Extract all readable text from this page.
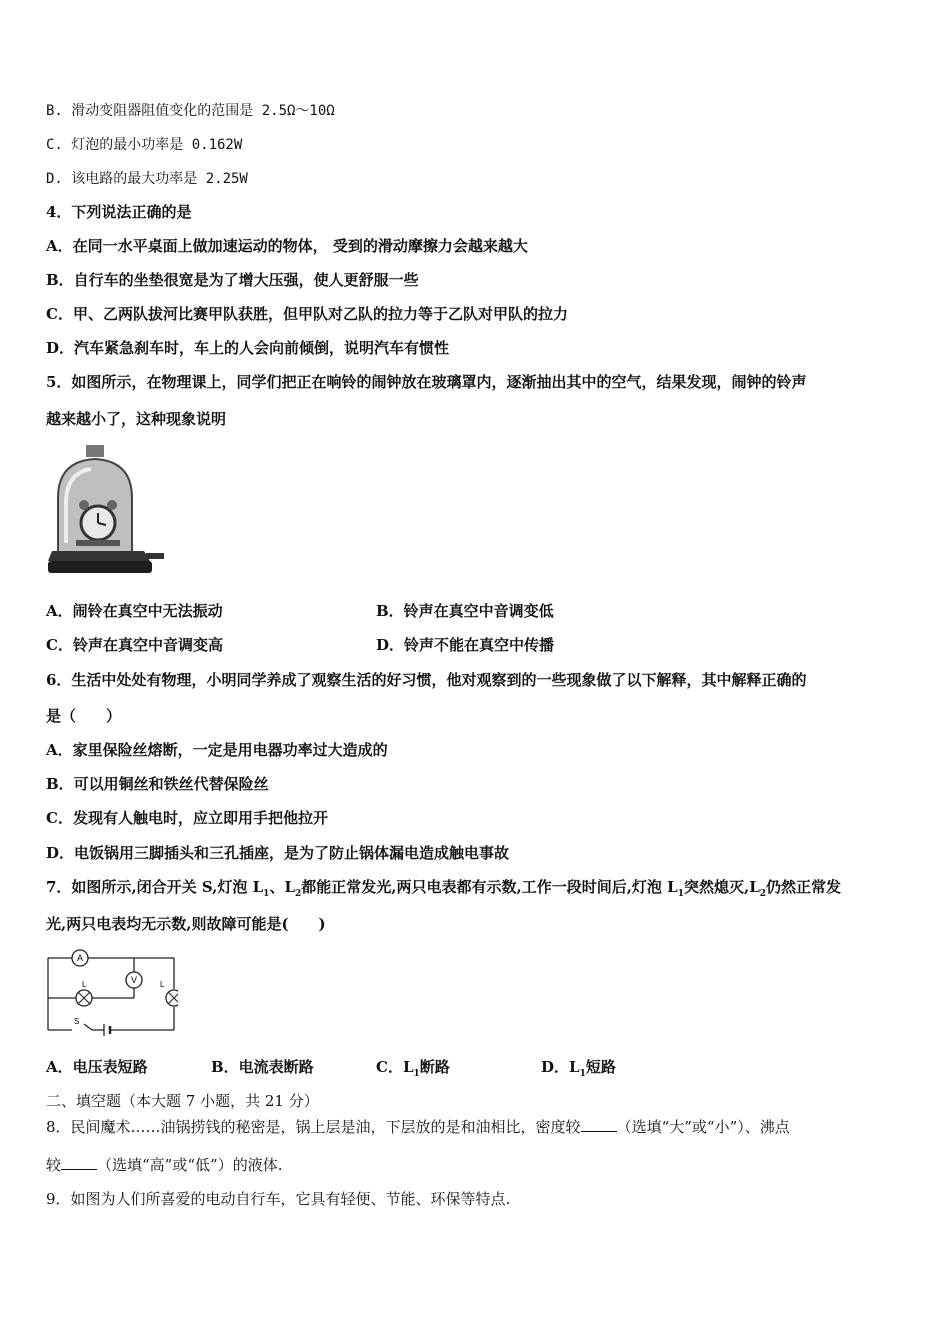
B. 滑动变阻器阻值变化的范围是 2.5Ω～10Ω
C. 灯泡的最小功率是 0.162W
D. 该电路的最大功率是 2.25W
4．下列说法正确的是
A．在同一水平桌面上做加速运动的物体， 受到的滑动摩擦力会越来越大
B．自行车的坐垫很宽是为了增大压强，使人更舒服一些
C．甲、乙两队拔河比赛甲队获胜，但甲队对乙队的拉力等于乙队对甲队的拉力
D．汽车紧急刹车时，车上的人会向前倾倒，说明汽车有惯性
5．如图所示，在物理课上，同学们把正在响铃的闹钟放在玻璃罩内，逐渐抽出其中的空气，结果发现，闹钟的铃声
越来越小了，这种现象说明
A．闹铃在真空中无法振动	B．铃声在真空中音调变低
C．铃声在真空中音调变高	D．铃声不能在真空中传播
6．生活中处处有物理，小明同学养成了观察生活的好习惯，他对观察到的一些现象做了以下解释，其中解释正确的
是（　　）
A．家里保险丝熔断，一定是用电器功率过大造成的
B．可以用铜丝和铁丝代替保险丝
C．发现有人触电时，应立即用手把他拉开
D．电饭锅用三脚插头和三孔插座，是为了防止锅体漏电造成触电事故
7．如图所示,闭合开关 S,灯泡 $L_1$、$L_2$都能正常发光,两只电表都有示数,工作一段时间后,灯泡 $L_1$突然熄灭$,L_2$仍然正常发
光,两只电表均无示数,则故障可能是(　　)
A
V
L	L
S
A．电压表短路	B．电流表断路	C．$L_1$断路	D．$L_1$短路
二、填空题（本大题 7 小题，共 21 分）
8．民间魔术……油锅捞钱的秘密是，锅上层是油，下层放的是和油相比，密度较 （选填“大”或“小”）、沸点
较 （选填“高”或“低”）的液体.
9．如图为人们所喜爱的电动自行车，它具有轻便、节能、环保等特点.
